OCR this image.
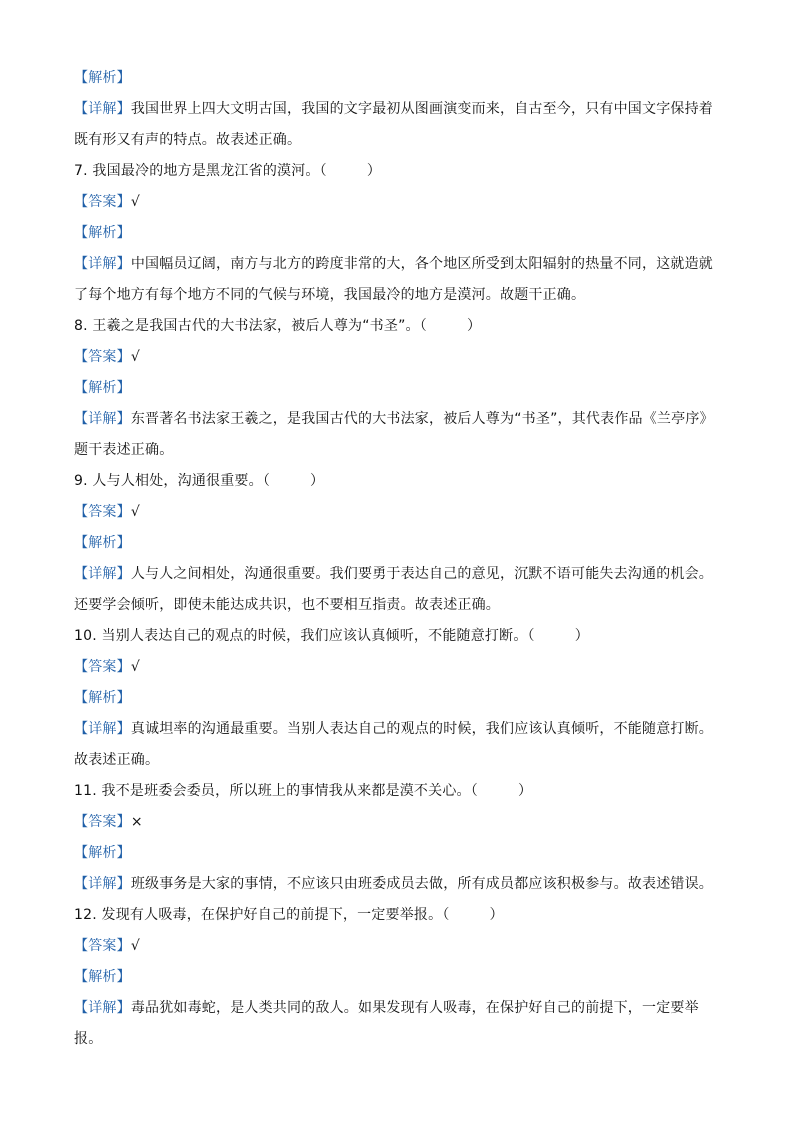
【解析】
【详解】我国世界上四大文明古国，我国的文字最初从图画演变而来，自古至今，只有中国文字保持着既有形又有声的特点。故表述正确。
7. 我国最冷的地方是黑龙江省的漠河。（	）
【答案】√
【解析】
【详解】中国幅员辽阔，南方与北方的跨度非常的大，各个地区所受到太阳辐射的热量不同，这就造就了每个地方有每个地方不同的气候与环境，我国最冷的地方是漠河。故题干正确。
8. 王羲之是我国古代的大书法家，被后人尊为“书圣”。（	）
【答案】√
【解析】
【详解】东晋著名书法家王羲之，是我国古代的大书法家，被后人尊为“书圣”，其代表作品《兰亭序》题干表述正确。
9. 人与人相处，沟通很重要。（	）
【答案】√
【解析】
【详解】人与人之间相处，沟通很重要。我们要勇于表达自己的意见，沉默不语可能失去沟通的机会。还要学会倾听，即使未能达成共识，也不要相互指责。故表述正确。
10. 当别人表达自己的观点的时候，我们应该认真倾听，不能随意打断。（	）
【答案】√
【解析】
【详解】真诚坦率的沟通最重要。当别人表达自己的观点的时候，我们应该认真倾听，不能随意打断。故表述正确。
11. 我不是班委会委员，所以班上的事情我从来都是漠不关心。（	）
【答案】×
【解析】
【详解】班级事务是大家的事情，不应该只由班委成员去做，所有成员都应该积极参与。故表述错误。
12. 发现有人吸毒，在保护好自己的前提下，一定要举报。（	）
【答案】√
【解析】
【详解】毒品犹如毒蛇，是人类共同的敌人。如果发现有人吸毒，在保护好自己的前提下，一定要举报。
